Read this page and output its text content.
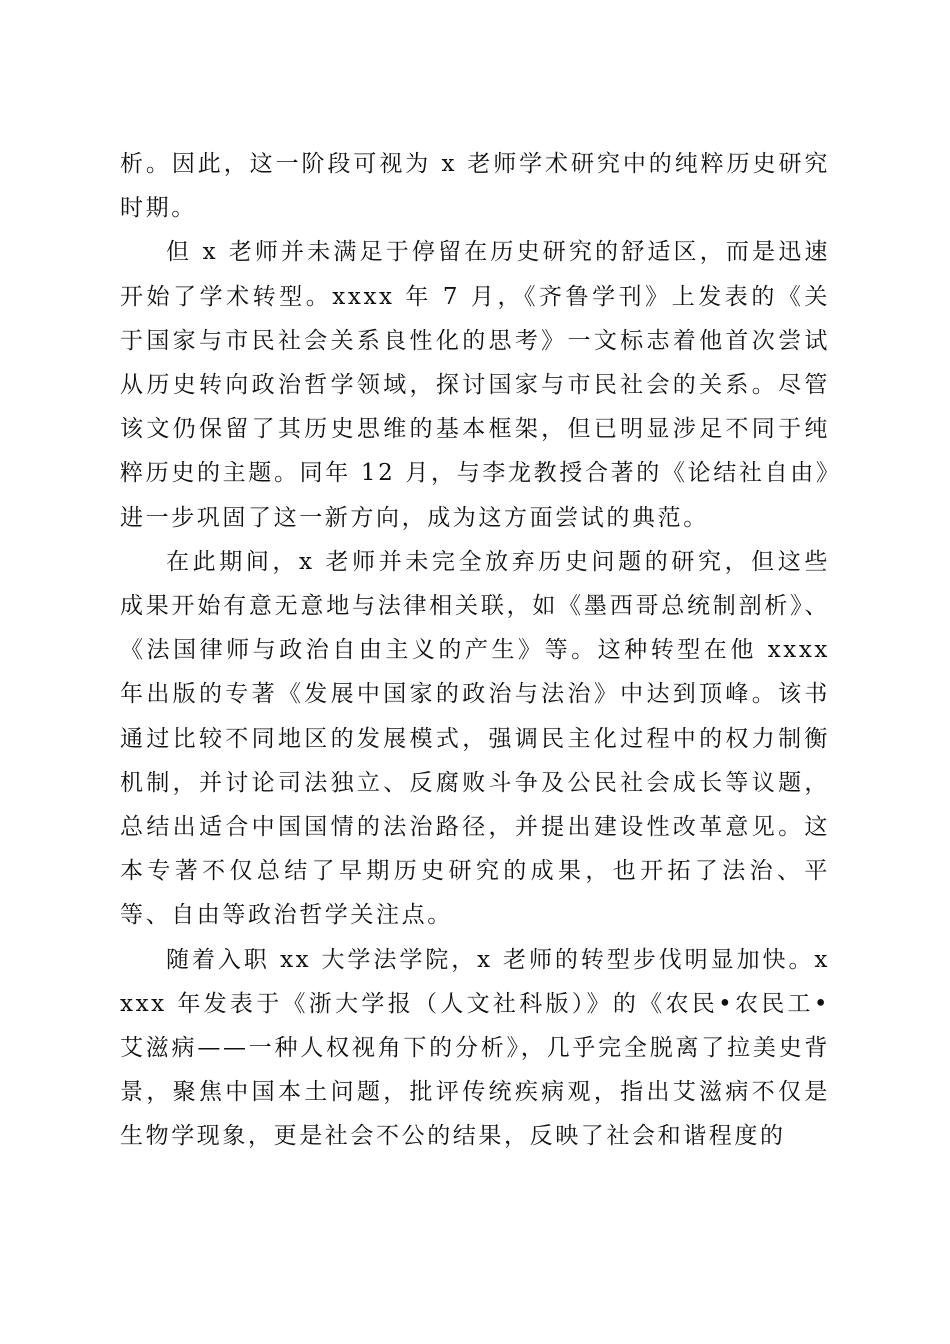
析。因此，这一阶段可视为 x 老师学术研究中的纯粹历史研究时期。

但 x 老师并未满足于停留在历史研究的舒适区，而是迅速开始了学术转型。xxxx 年 7 月，《齐鲁学刊》上发表的《关于国家与市民社会关系良性化的思考》一文标志着他首次尝试从历史转向政治哲学领域，探讨国家与市民社会的关系。尽管该文仍保留了其历史思维的基本框架，但已明显涉足不同于纯粹历史的主题。同年 12 月，与李龙教授合著的《论结社自由》进一步巩固了这一新方向，成为这方面尝试的典范。

在此期间，x 老师并未完全放弃历史问题的研究，但这些成果开始有意无意地与法律相关联，如《墨西哥总统制剖析》、《法国律师与政治自由主义的产生》等。这种转型在他 xxxx 年出版的专著《发展中国家的政治与法治》中达到顶峰。该书通过比较不同地区的发展模式，强调民主化过程中的权力制衡机制，并讨论司法独立、反腐败斗争及公民社会成长等议题，总结出适合中国国情的法治路径，并提出建设性改革意见。这本专著不仅总结了早期历史研究的成果，也开拓了法治、平等、自由等政治哲学关注点。

随着入职 xx 大学法学院，x 老师的转型步伐明显加快。xxxx 年发表于《浙大学报（人文社科版）》的《农民•农民工•艾滋病——一种人权视角下的分析》，几乎完全脱离了拉美史背景，聚焦中国本土问题，批评传统疾病观，指出艾滋病不仅是生物学现象，更是社会不公的结果，反映了社会和谐程度的
